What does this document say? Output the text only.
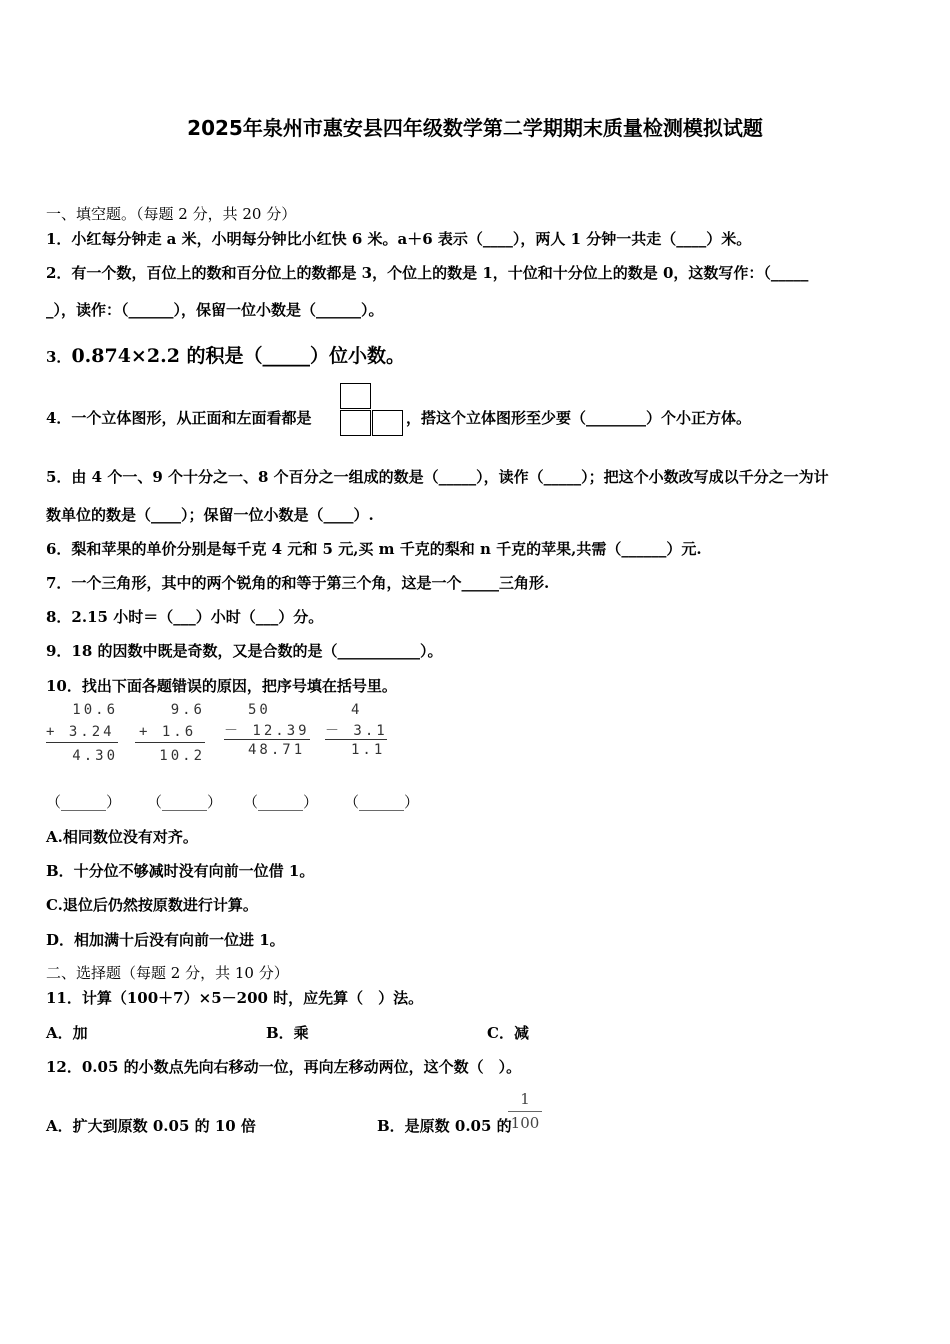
2025年泉州市惠安县四年级数学第二学期期末质量检测模拟试题
一、填空题。（每题 2 分，共 20 分）
1．小红每分钟走 a 米，小明每分钟比小红快 6 米。a＋6 表示（____），两人 1 分钟一共走（____）米。
2．有一个数，百位上的数和百分位上的数都是 3，个位上的数是 1，十位和十分位上的数是 0，这数写作：（_____
_），读作：（______），保留一位小数是（______）。
3．0.874×2.2 的积是（_____）位小数。
4．一个立体图形，从正面和左面看都是	，搭这个立体图形至少要（________）个小正方体。
5．由 4 个一、9 个十分之一、8 个百分之一组成的数是（_____），读作（_____）；把这个小数改写成以千分之一为计
数单位的数是（____）；保留一位小数是（____）.
6．梨和苹果的单价分别是每千克 4 元和 5 元,买 m 千克的梨和 n 千克的苹果,共需（______）元.
7．一个三角形，其中的两个锐角的和等于第三个角，这是一个_____三角形.
8．2.15 小时＝（___）小时（___）分。
9．18 的因数中既是奇数，又是合数的是（___________）。
10．找出下面各题错误的原因，把序号填在括号里。
10.6
+ 3.24
4.30
9.6
+ 1.6
10.2
50
－ 12.39
48.71
4
－ 3.1
1.1
（______） （______） （______） （______）
A.相同数位没有对齐。
B．十分位不够减时没有向前一位借 1。
C.退位后仍然按原数进行计算。
D．相加满十后没有向前一位进 1。
二、选择题（每题 2 分，共 10 分）
11．计算（100＋7）×5－200 时，应先算（　）法。
A．加	B．乘	C．减
12．0.05 的小数点先向右移动一位，再向左移动两位，这个数（　）。
A．扩大到原数 0.05 的 10 倍	B．是原数 0.05 的
1
100
